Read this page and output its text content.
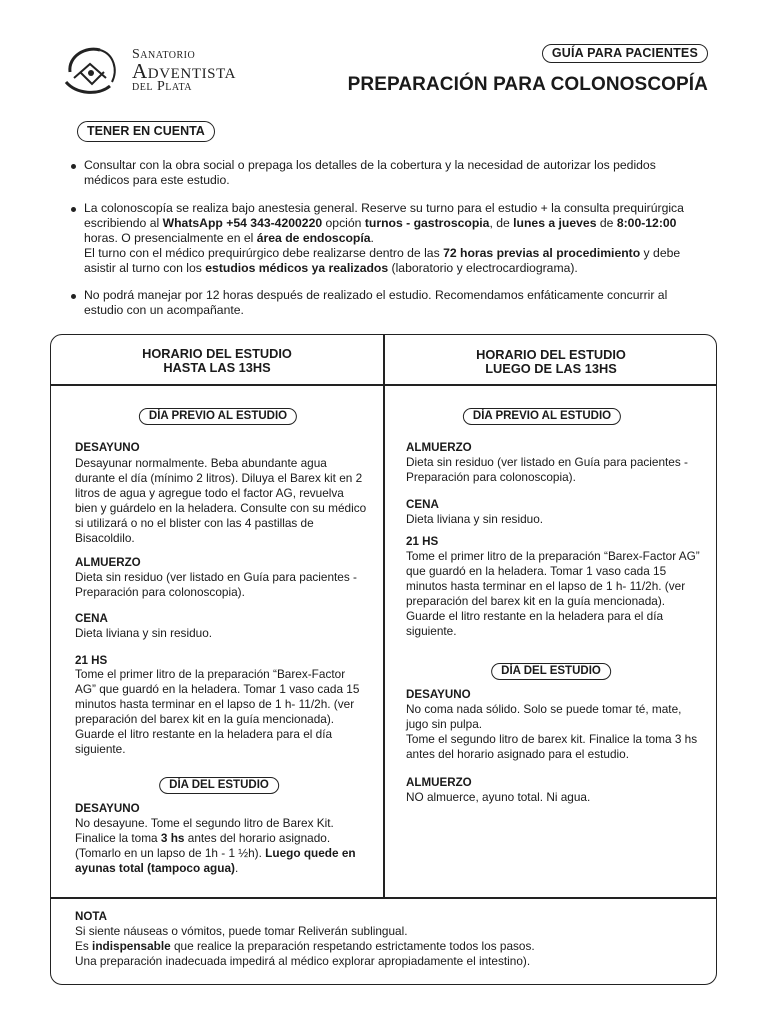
Sanatorio
Adventista
del Plata
GUÍA PARA PACIENTES
PREPARACIÓN PARA COLONOSCOPÍA
TENER EN CUENTA
Consultar con la obra social o prepaga los detalles de la cobertura y la necesidad de autorizar los pedidos médicos para este estudio.
La colonoscopía se realiza bajo anestesia general. Reserve su turno para el estudio + la consulta prequirúrgica escribiendo al WhatsApp +54 343-4200220 opción turnos - gastroscopia, de lunes a jueves de 8:00-12:00 horas. O presencialmente en el área de endoscopía.
El turno con el médico prequirúrgico debe realizarse dentro de las 72 horas previas al procedimiento y debe asistir al turno con los estudios médicos ya realizados (laboratorio y electrocardiograma).
No podrá manejar por 12 horas después de realizado el estudio. Recomendamos enfáticamente concurrir al estudio con un acompañante.
HORARIO DEL ESTUDIO
HASTA LAS 13HS
HORARIO DEL ESTUDIO
LUEGO DE LAS 13HS
DÍA PREVIO AL ESTUDIO
DESAYUNO
Desayunar normalmente. Beba abundante agua durante el día (mínimo 2 litros). Diluya el Barex kit en 2 litros de agua y agregue todo el factor AG, revuelva bien y guárdelo en la heladera. Consulte con su médico si utilizará o no el blister con las 4 pastillas de Bisacoldilo.
ALMUERZO
Dieta sin residuo (ver listado en Guía para pacientes - Preparación para colonoscopia).
CENA
Dieta liviana y sin residuo.
21 HS
Tome el primer litro de la preparación “Barex-Factor AG” que guardó en la heladera. Tomar 1 vaso cada 15 minutos hasta terminar en el lapso de 1 h- 11/2h. (ver preparación del barex kit en la guía mencionada). Guarde el litro restante en la heladera para el día siguiente.
DÍA DEL ESTUDIO
DESAYUNO
No desayune. Tome el segundo litro de Barex Kit. Finalice la toma 3 hs antes del horario asignado. (Tomarlo en un lapso de 1h - 1 ½h). Luego quede en ayunas total (tampoco agua).
DÍA PREVIO AL ESTUDIO
ALMUERZO
Dieta sin residuo (ver listado en Guía para pacientes - Preparación para colonoscopia).
CENA
Dieta liviana y sin residuo.
21 HS
Tome el primer litro de la preparación “Barex-Factor AG” que guardó en la heladera. Tomar 1 vaso cada 15 minutos hasta terminar en el lapso de 1 h- 11/2h. (ver preparación del barex kit en la guía mencionada). Guarde el litro restante en la heladera para el día siguiente.
DÍA DEL ESTUDIO
DESAYUNO
No coma nada sólido. Solo se puede tomar té, mate, jugo sin pulpa.
Tome el segundo litro de barex kit. Finalice la toma 3 hs antes del horario asignado para el estudio.
ALMUERZO
NO almuerce, ayuno total. Ni agua.
NOTA
Si siente náuseas o vómitos, puede tomar Reliverán sublingual.
Es indispensable que realice la preparación respetando estrictamente todos los pasos.
Una preparación inadecuada impedirá al médico explorar apropiadamente el intestino).
